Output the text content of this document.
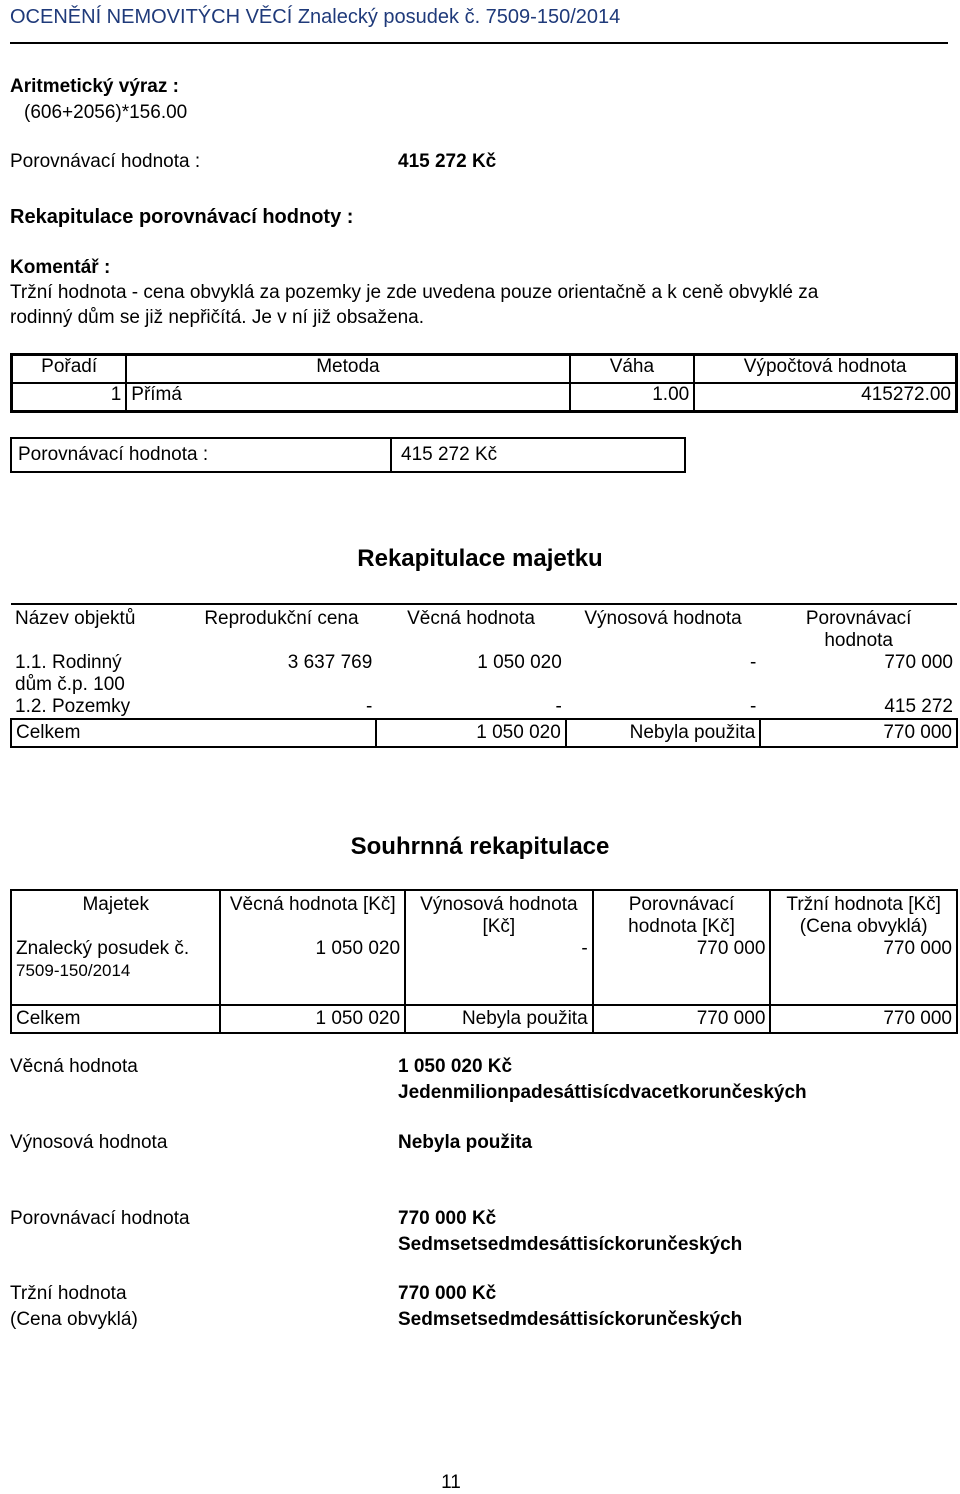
OCENĚNÍ NEMOVITÝCH VĚCÍ Znalecký posudek č. 7509-150/2014
Aritmetický výraz :
(606+2056)*156.00
Porovnávací hodnota :	415 272 Kč
Rekapitulace porovnávací hodnoty :
Komentář :
Tržní hodnota - cena obvyklá za pozemky je zde uvedena pouze orientačně a k ceně obvyklé za
rodinný dům se již nepřičítá. Je v ní již obsažena.
Pořadí	Metoda	Váha	Výpočtová hodnota
1	Přímá	1.00	415272.00
Porovnávací hodnota :	415 272 Kč
Rekapitulace majetku
Název objektů	Reprodukční cena	Věcná hodnota	Výnosová hodnota	Porovnávací
hodnota
1.1. Rodinný
dům č.p. 100	3 637 769	1 050 020	-	770 000
1.2. Pozemky	-	-	-	415 272
Celkem		1 050 020	Nebyla použita	770 000
Souhrnná rekapitulace
Majetek	Věcná hodnota [Kč]	Výnosová hodnota
[Kč]	Porovnávací
hodnota [Kč]	Tržní hodnota [Kč]
(Cena obvyklá)
Znalecký posudek č.
7509-150/2014	1 050 020	-	770 000	770 000

Celkem	1 050 020	Nebyla použita	770 000	770 000
Věcná hodnota	1 050 020 Kč
Jedenmilionpadesáttisícdvacetkorunčeských
Výnosová hodnota	Nebyla použita
Porovnávací hodnota	770 000 Kč
Sedmsetsedmdesáttisíckorunčeských
Tržní hodnota
(Cena obvyklá)
770 000 Kč
Sedmsetsedmdesáttisíckorunčeských
11
